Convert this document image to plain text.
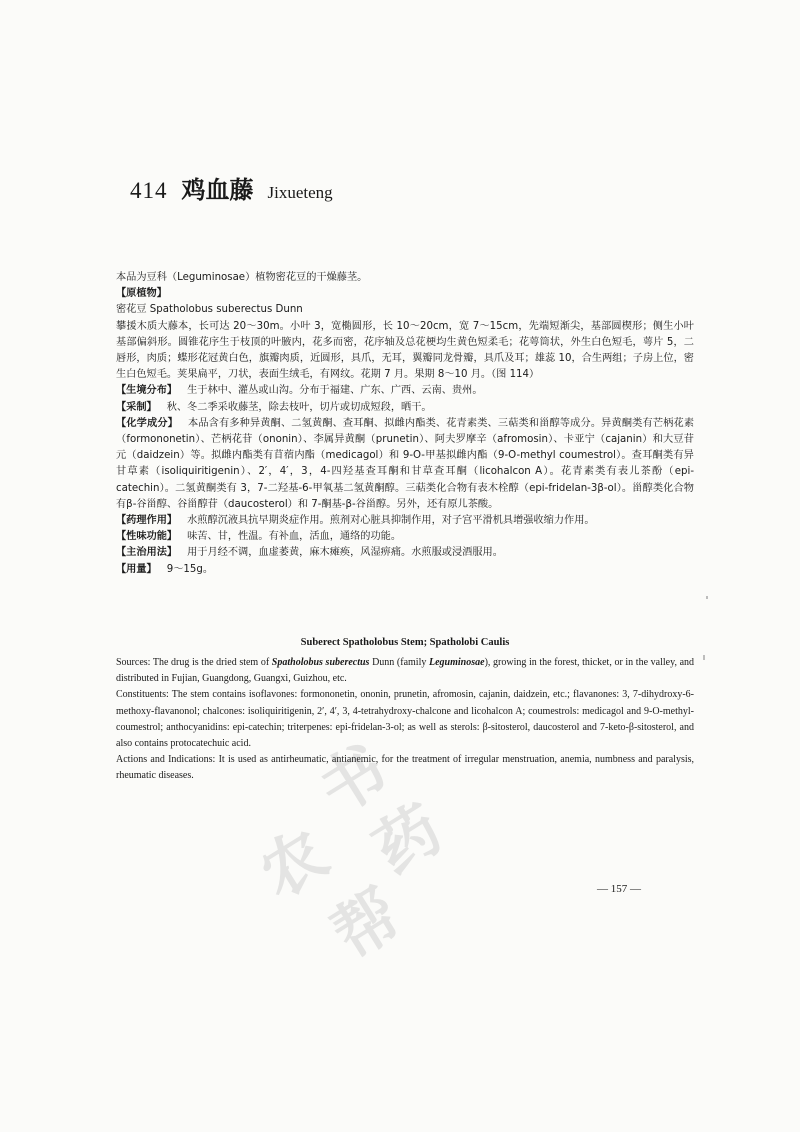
414 鸡血藤 Jixueteng

本品为豆科（Leguminosae）植物密花豆的干燥藤茎。

【原植物】

密花豆 Spatholobus suberectus Dunn

攀援木质大藤本，长可达 20～30m。小叶 3，宽椭圆形，长 10～20cm，宽 7～15cm，先端短渐尖，基部圆楔形；侧生小叶基部偏斜形。圆锥花序生于枝顶的叶腋内，花多而密，花序轴及总花梗均生黄色短柔毛；花萼筒状，外生白色短毛，萼片 5，二唇形，肉质；蝶形花冠黄白色，旗瓣肉质，近圆形，具爪，无耳，翼瓣同龙骨瓣，具爪及耳；雄蕊 10，合生两组；子房上位，密生白色短毛。荚果扁平，刀状，表面生绒毛，有网纹。花期 7 月。果期 8～10 月。（图 114）

【生境分布】 生于林中、灌丛或山沟。分布于福建、广东、广西、云南、贵州。

【采制】 秋、冬二季采收藤茎，除去枝叶，切片或切成短段，晒干。

【化学成分】 本品含有多种异黄酮、二氢黄酮、查耳酮、拟雌内酯类、花青素类、三萜类和甾醇等成分。异黄酮类有芒柄花素（formononetin）、芒柄花苷（ononin）、李属异黄酮（prunetin）、阿夫罗摩辛（afromosin）、卡亚宁（cajanin）和大豆苷元（daidzein）等。拟雌内酯类有苜蓿内酯（medicagol）和 9-O-甲基拟雌内酯（9-O-methyl coumestrol）。查耳酮类有异甘草素（isoliquiritigenin）、2′，4′，3，4-四羟基查耳酮和甘草查耳酮（licohalcon A）。花青素类有表儿茶酚（epi-catechin）。二氢黄酮类有 3，7-二羟基-6-甲氧基二氢黄酮醇。三萜类化合物有表木栓醇（epi-fridelan-3β-ol）。甾醇类化合物有β-谷甾醇、谷甾醇苷（daucosterol）和 7-酮基-β-谷甾醇。另外，还有原儿茶酸。

【药理作用】 水煎醇沉液具抗早期炎症作用。煎剂对心脏具抑制作用，对子宫平滑机具增强收缩力作用。

【性味功能】 味苦、甘，性温。有补血，活血，通络的功能。

【主治用法】 用于月经不调，血虚萎黄，麻木瘫痪，风湿痹痛。水煎服或浸酒服用。

【用量】 9～15g。

Suberect Spatholobus Stem; Spatholobi Caulis

Sources: The drug is the dried stem of Spatholobus suberectus Dunn (family Leguminosae), growing in the forest, thicket, or in the valley, and distributed in Fujian, Guangdong, Guangxi, Guizhou, etc.

Constituents: The stem contains isoflavones: formononetin, ononin, prunetin, afromosin, cajanin, daidzein, etc.; flavanones: 3, 7-dihydroxy-6-methoxy-flavanonol; chalcones: isoliquiritigenin, 2′, 4′, 3, 4-tetrahydroxy-chalcone and licohalcon A; coumestrols: medicagol and 9-O-methyl-coumestrol; anthocyanidins: epi-catechin; triterpenes: epi-fridelan-3-ol; as well as sterols: β-sitosterol, daucosterol and 7-keto-β-sitosterol, and also contains protocatechuic acid.

Actions and Indications: It is used as antirheumatic, antianemic, for the treatment of irregular menstruation, anemia, numbness and paralysis, rheumatic diseases.	书
农 药
帮	— 157 —
